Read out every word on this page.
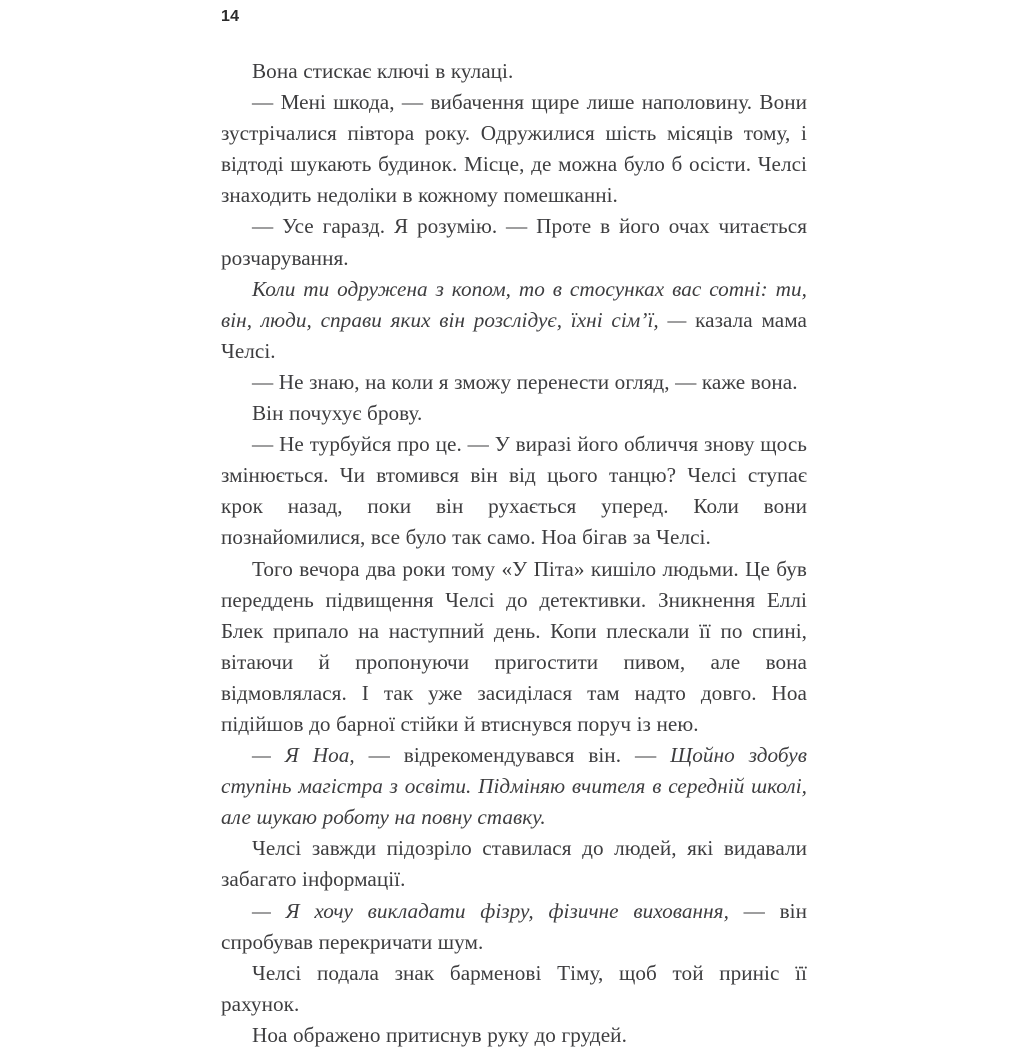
14

Вона стискає ключі в кулаці.

— Мені шкода, — вибачення щире лише наполовину. Вони зустрічалися півтора року. Одружилися шість місяців тому, і відтоді шукають будинок. Місце, де можна було б осісти. Челсі знаходить недоліки в кожному помешканні.

— Усе гаразд. Я розумію. — Проте в його очах читається розчарування.

Коли ти одружена з копом, то в стосунках вас сотні: ти, він, люди, справи яких він розслідує, їхні сім’ї, — казала мама Челсі.

— Не знаю, на коли я зможу перенести огляд, — каже вона.

Він почухує брову.

— Не турбуйся про це. — У виразі його обличчя знову щось змінюється. Чи втомився він від цього танцю? Челсі ступає крок назад, поки він рухається уперед. Коли вони познайомилися, все було так само. Ноа бігав за Челсі.

Того вечора два роки тому «У Піта» кишіло людьми. Це був переддень підвищення Челсі до детективки. Зникнення Еллі Блек припало на наступний день. Копи плескали її по спині, вітаючи й пропонуючи пригостити пивом, але вона відмовлялася. І так уже засиділася там надто довго. Ноа підійшов до барної стійки й втиснувся поруч із нею.

— Я Ноа, — відрекомендувався він. — Щойно здобув ступінь магістра з освіти. Підміняю вчителя в середній школі, але шукаю роботу на повну ставку.

Челсі завжди підозріло ставилася до людей, які видавали забагато інформації.

— Я хочу викладати фізру, фізичне виховання, — він спробував перекричати шум.

Челсі подала знак барменові Тіму, щоб той приніс її рахунок.

Ноа ображено притиснув руку до грудей.
